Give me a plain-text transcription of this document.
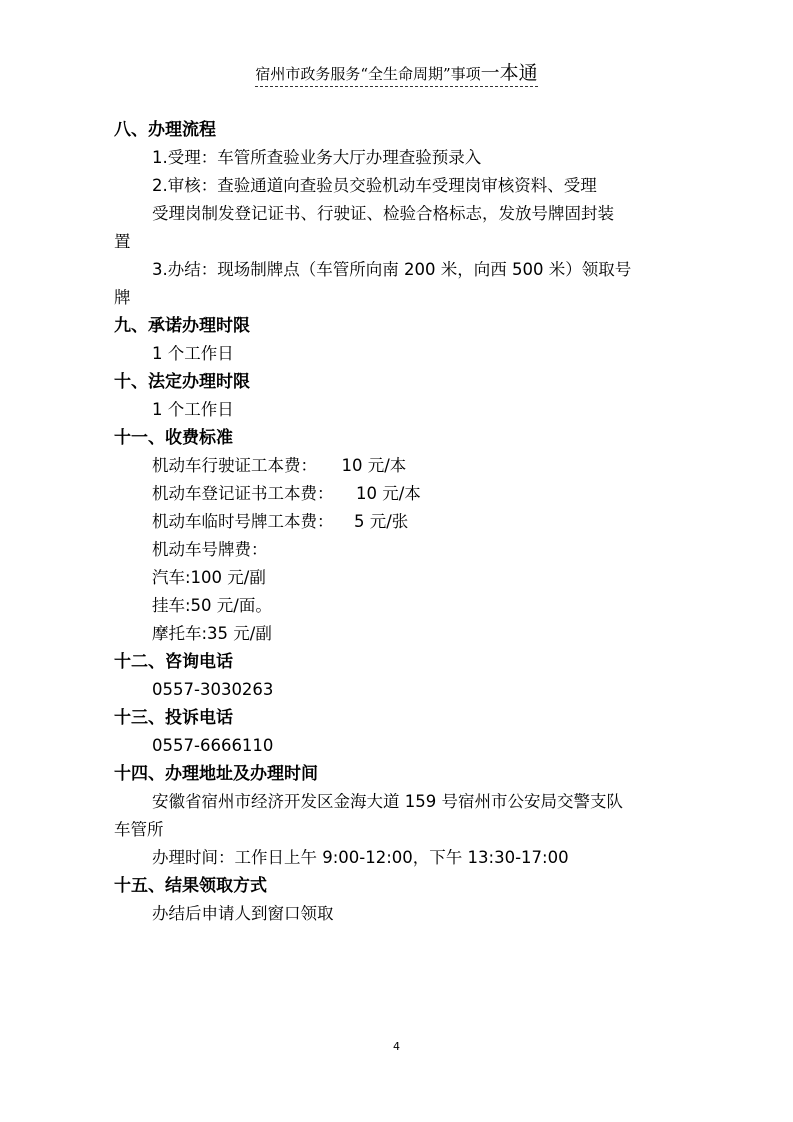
宿州市政务服务“全生命周期”事项一本通

八、办理流程

1.受理：车管所查验业务大厅办理查验预录入

2.审核：查验通道向查验员交验机动车受理岗审核资料、受理

受理岗制发登记证书、行驶证、检验合格标志，发放号牌固封装

置

3.办结：现场制牌点（车管所向南 200 米，向西 500 米）领取号

牌

九、承诺办理时限

1 个工作日

十、法定办理时限

1 个工作日

十一、收费标准

机动车行驶证工本费： 10 元/本

机动车登记证书工本费： 10 元/本

机动车临时号牌工本费： 5 元/张

机动车号牌费：

汽车:100 元/副

挂车:50 元/面。

摩托车:35 元/副

十二、咨询电话

0557-3030263

十三、投诉电话

0557-6666110

十四、办理地址及办理时间

安徽省宿州市经济开发区金海大道 159 号宿州市公安局交警支队

车管所

办理时间：工作日上午 9:00-12:00，下午 13:30-17:00

十五、结果领取方式

办结后申请人到窗口领取

4
